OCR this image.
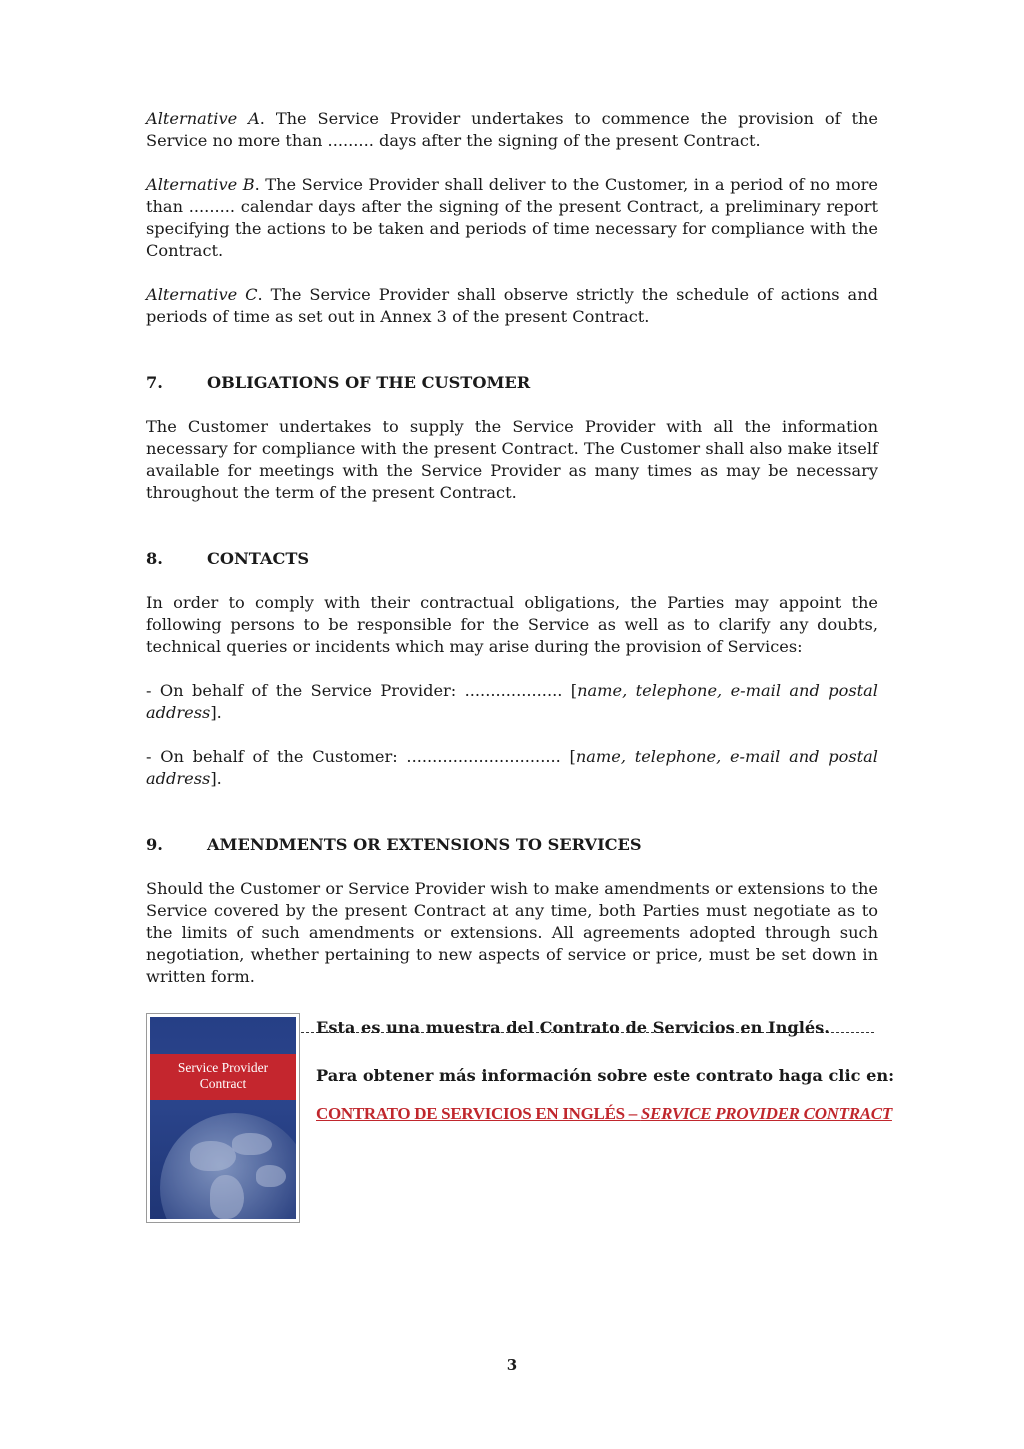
Alternative A. The Service Provider undertakes to commence the provision of the Service no more than ......... days after the signing of the present Contract.

Alternative B. The Service Provider shall deliver to the Customer, in a period of no more than ......... calendar days after the signing of the present Contract, a preliminary report specifying the actions to be taken and periods of time necessary for compliance with the Contract.

Alternative C. The Service Provider shall observe strictly the schedule of actions and periods of time as set out in Annex 3 of the present Contract.

7.	OBLIGATIONS OF THE CUSTOMER

The Customer undertakes to supply the Service Provider with all the information necessary for compliance with the present Contract. The Customer shall also make itself available for meetings with the Service Provider as many times as may be necessary throughout the term of the present Contract.

8.	CONTACTS

In order to comply with their contractual obligations, the Parties may appoint the following persons to be responsible for the Service as well as to clarify any doubts, technical queries or incidents which may arise during the provision of Services:

- On behalf of the Service Provider: ................... [name, telephone, e-mail and postal address].

- On behalf of the Customer: .............................. [name, telephone, e-mail and postal address].

9.	AMENDMENTS OR EXTENSIONS TO SERVICES

Should the Customer or Service Provider wish to make amendments or extensions to the Service covered by the present Contract at any time, both Parties must negotiate as to the limits of such amendments or extensions. All agreements adopted through such negotiation, whether pertaining to new aspects of service or price, must be set down in written form.

Service Provider
Contract
Esta es una muestra del Contrato de Servicios en Inglés.
Para obtener más información sobre este contrato haga clic en:
CONTRATO DE SERVICIOS EN INGLÉS – SERVICE PROVIDER CONTRACT
3
